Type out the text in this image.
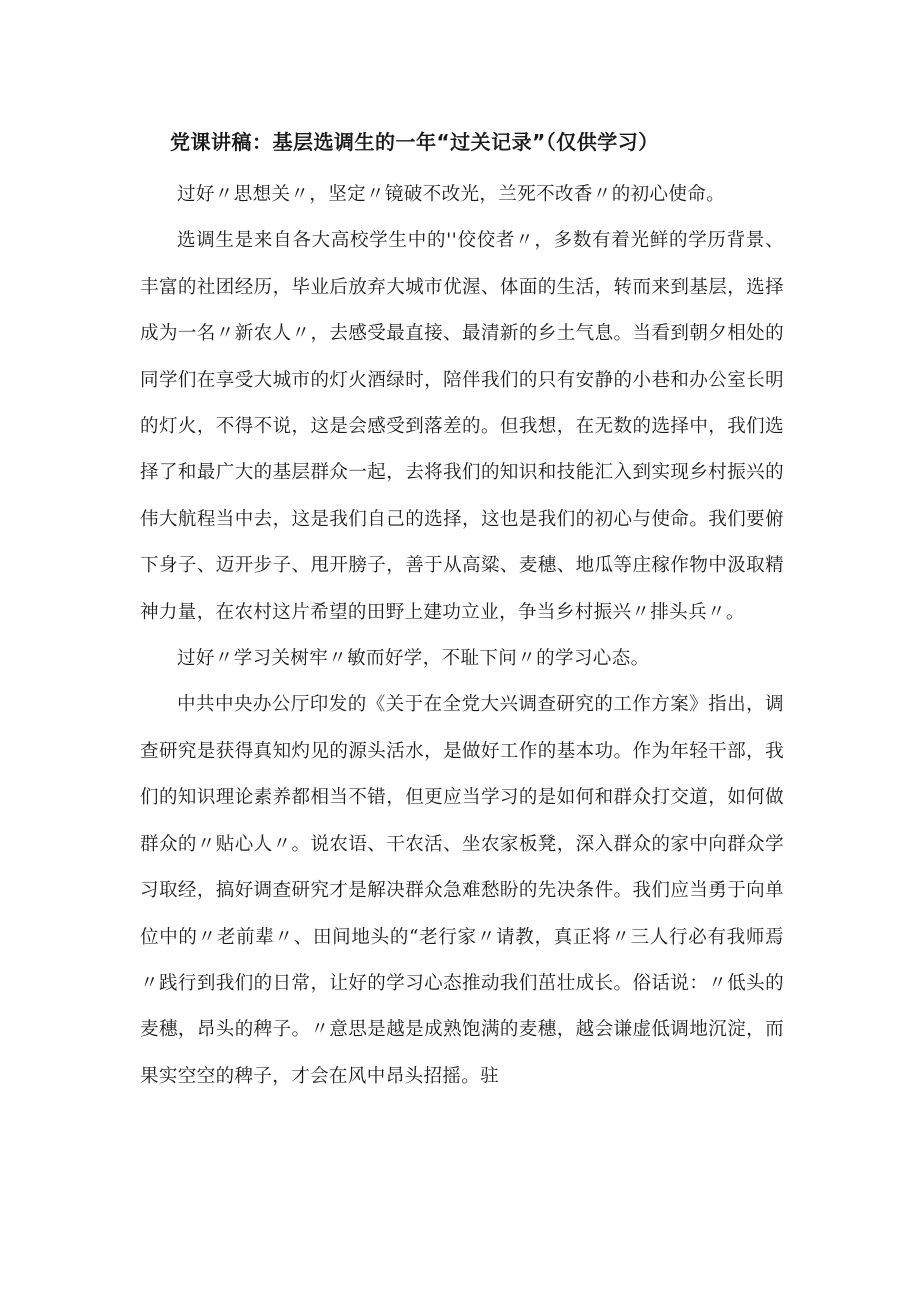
党课讲稿：基层选调生的一年“过关记录”（仅供学习）

过好〃思想关〃，坚定〃镜破不改光，兰死不改香〃的初心使命。

选调生是来自各大高校学生中的''佼佼者〃，多数有着光鲜的学历背景、丰富的社团经历，毕业后放弃大城市优渥、体面的生活，转而来到基层，选择成为一名〃新农人〃，去感受最直接、最清新的乡土气息。当看到朝夕相处的同学们在享受大城市的灯火酒绿时，陪伴我们的只有安静的小巷和办公室长明的灯火，不得不说，这是会感受到落差的。但我想，在无数的选择中，我们选择了和最广大的基层群众一起，去将我们的知识和技能汇入到实现乡村振兴的伟大航程当中去，这是我们自己的选择，这也是我们的初心与使命。我们要俯下身子、迈开步子、甩开膀子，善于从高粱、麦穗、地瓜等庄稼作物中汲取精神力量，在农村这片希望的田野上建功立业，争当乡村振兴〃排头兵〃。

过好〃学习关树牢〃敏而好学，不耻下问〃的学习心态。

中共中央办公厅印发的《关于在全党大兴调查研究的工作方案》指出，调查研究是获得真知灼见的源头活水，是做好工作的基本功。作为年轻干部，我们的知识理论素养都相当不错，但更应当学习的是如何和群众打交道，如何做群众的〃贴心人〃。说农语、干农活、坐农家板凳，深入群众的家中向群众学习取经，搞好调查研究才是解决群众急难愁盼的先决条件。我们应当勇于向单位中的〃老前辈〃、田间地头的“老行家〃请教，真正将〃三人行必有我师焉〃践行到我们的日常，让好的学习心态推动我们茁壮成长。俗话说：〃低头的麦穗，昂头的稗子。〃意思是越是成熟饱满的麦穗，越会谦虚低调地沉淀，而果实空空的稗子，才会在风中昂头招摇。驻
